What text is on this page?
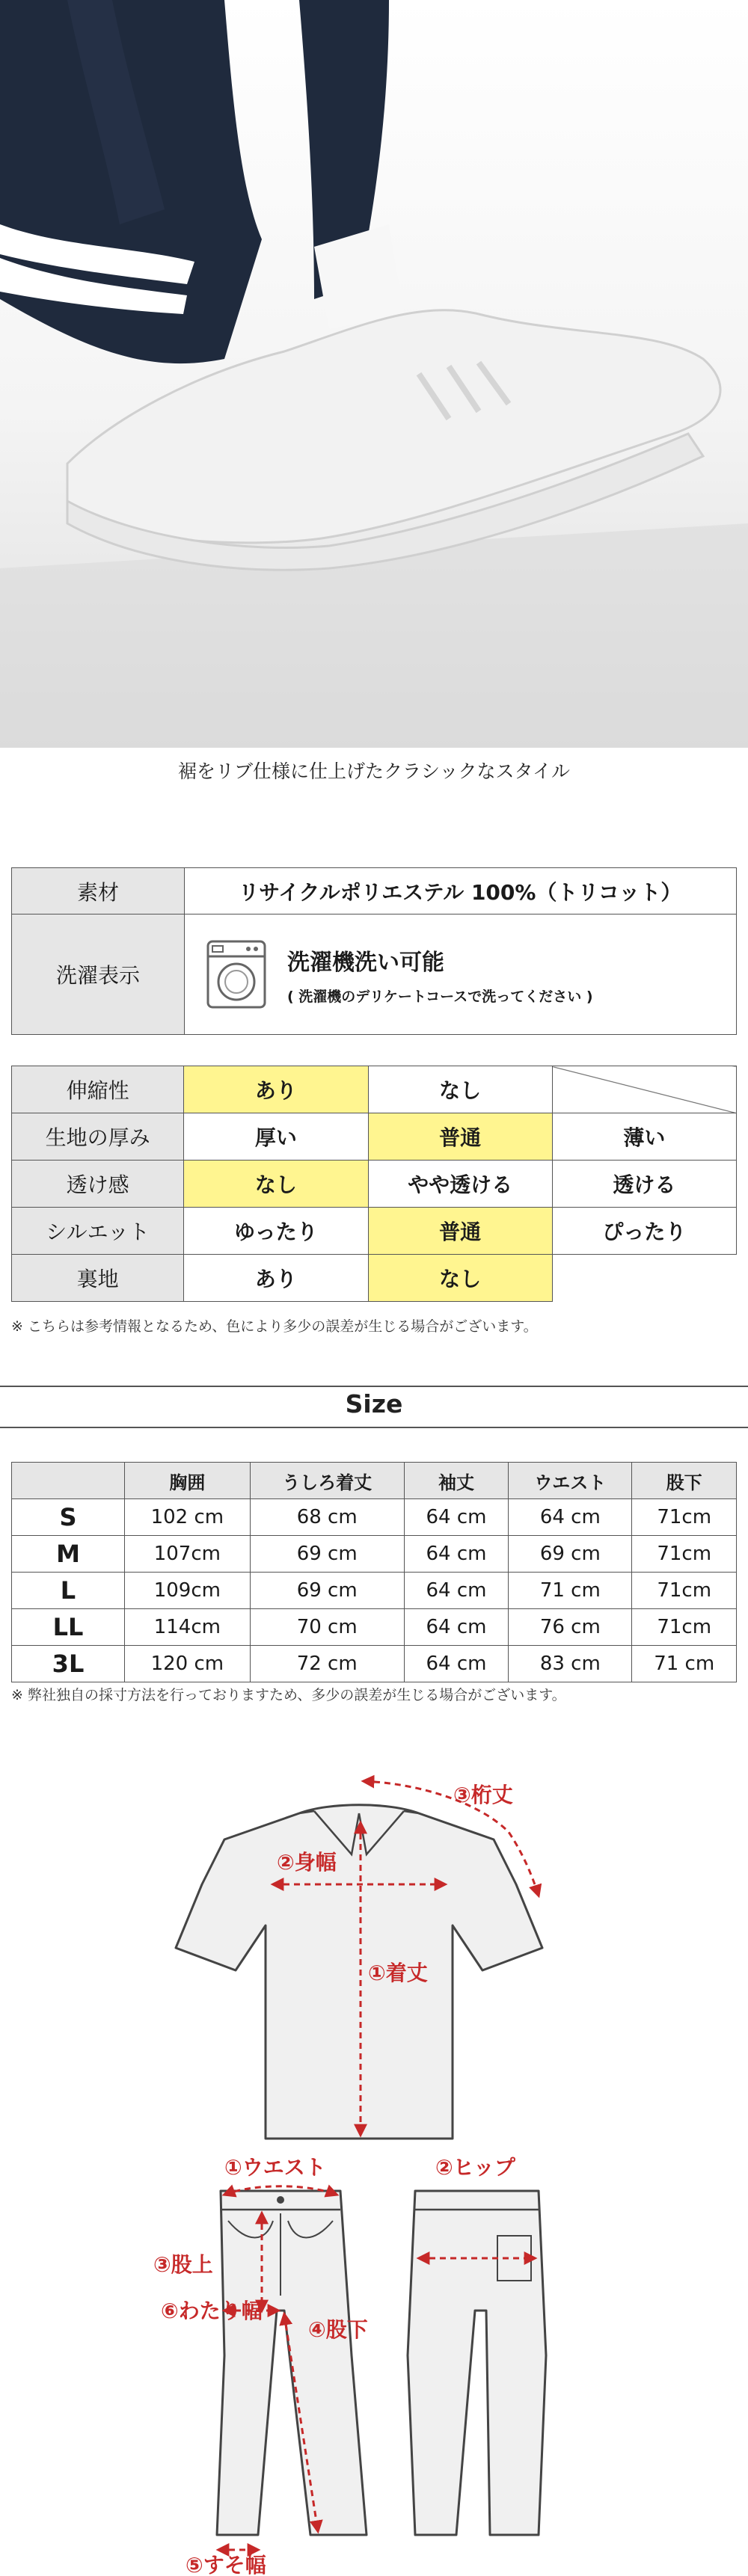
裾をリブ仕様に仕上げたクラシックなスタイル
素材	リサイクルポリエステル 100%（トリコット）
洗濯表示	洗濯機洗い可能
( 洗濯機のデリケートコースで洗ってください )
伸縮性	あり	なし	
生地の厚み	厚い	普通	薄い
透け感	なし	やや透ける	透ける
シルエット	ゆったり	普通	ぴったり
裏地	あり	なし	
※ こちらは参考情報となるため、色により多少の誤差が生じる場合がございます。
Size
	胸囲	うしろ着丈	袖丈	ウエスト	股下
S	102 cm	68 cm	64 cm	64 cm	71cm
M	107cm	69 cm	64 cm	69 cm	71cm
L	109cm	69 cm	64 cm	71 cm	71cm
LL	114cm	70 cm	64 cm	76 cm	71cm
3L	120 cm	72 cm	64 cm	83 cm	71 cm
※ 弊社独自の採寸方法を行っておりますため、多少の誤差が生じる場合がございます。
③桁丈
②身幅
①着丈
①ウエスト
③股上
⑥わたり幅
④股下
⑤すそ幅
②ヒップ
